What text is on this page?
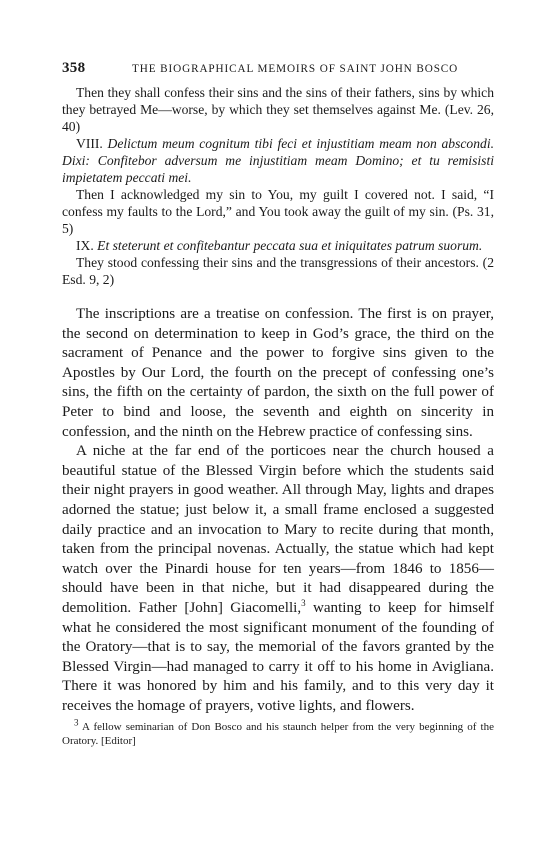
358	THE BIOGRAPHICAL MEMOIRS OF SAINT JOHN BOSCO

Then they shall confess their sins and the sins of their fathers, sins by which they betrayed Me—worse, by which they set themselves against Me. (Lev. 26, 40)

VIII. Delictum meum cognitum tibi feci et injustitiam meam non abscondi. Dixi: Confitebor adversum me injustitiam meam Domino; et tu remisisti impietatem peccati mei.

Then I acknowledged my sin to You, my guilt I covered not. I said, “I confess my faults to the Lord,” and You took away the guilt of my sin. (Ps. 31, 5)

IX. Et steterunt et confitebantur peccata sua et iniquitates patrum suorum.

They stood confessing their sins and the transgressions of their ancestors. (2 Esd. 9, 2)

The inscriptions are a treatise on confession. The first is on prayer, the second on determination to keep in God’s grace, the third on the sacrament of Penance and the power to forgive sins given to the Apostles by Our Lord, the fourth on the precept of confessing one’s sins, the fifth on the certainty of pardon, the sixth on the full power of Peter to bind and loose, the seventh and eighth on sincerity in confession, and the ninth on the Hebrew practice of confessing sins.

A niche at the far end of the porticoes near the church housed a beautiful statue of the Blessed Virgin before which the students said their night prayers in good weather. All through May, lights and drapes adorned the statue; just below it, a small frame enclosed a suggested daily practice and an invocation to Mary to recite during that month, taken from the principal novenas. Actually, the statue which had kept watch over the Pinardi house for ten years—from 1846 to 1856—should have been in that niche, but it had disappeared during the demolition. Father [John] Giacomelli,$^3$ wanting to keep for himself what he considered the most significant monument of the founding of the Oratory—that is to say, the memorial of the favors granted by the Blessed Virgin—had managed to carry it off to his home in Avigliana. There it was honored by him and his family, and to this very day it receives the homage of prayers, votive lights, and flowers.

$^3$ A fellow seminarian of Don Bosco and his staunch helper from the very beginning of the Oratory. [Editor]
